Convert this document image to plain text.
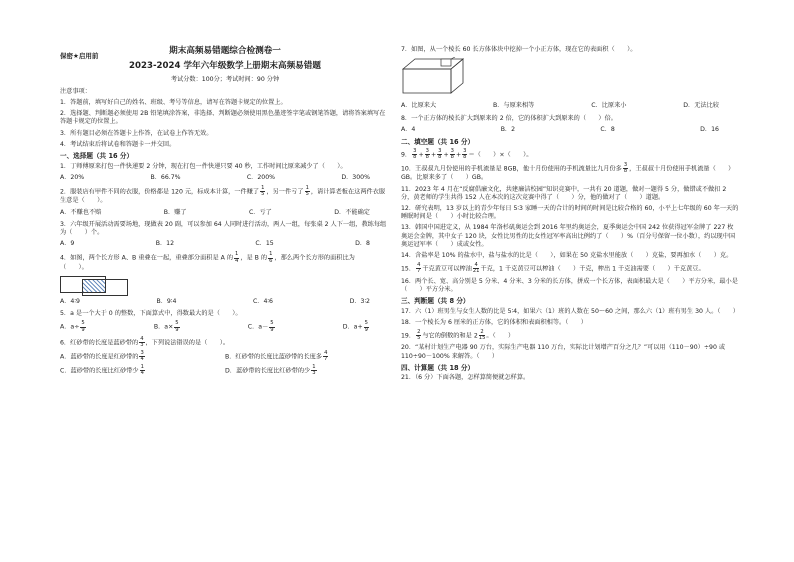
保密★启用前	期末高频易错题综合检测卷一
2023-2024 学年六年级数学上册期末高频易错题
考试分数：100分；考试时间：90 分钟

注意事项：

1．答题前，填写好自己的姓名、班级、考号等信息，请写在答题卡规定的位置上。

2．选择题、判断题必须使用 2B 铅笔填涂答案，非选择、判断题必须使用黑色墨迹签字笔或钢笔答题，请将答案填写在答题卡规定的位置上。

3．所有题目必须在答题卡上作答，在试卷上作答无效。

4．考试结束后将试卷和答题卡一并交回。

一、选择题（共 16 分）

1．丁师傅原来打包一件快递要 2 分钟，现在打包一件快递只要 40 秒，工作时间比原来减少了（　　）。

A．20%	B．66.7%	C．200%	D．300%

2．服装店有甲件不同的衣服，价格都是 120 元，标成本计算，一件赚了 $\frac{1}{5}$ ，另一件亏了 $\frac{1}{5}$ ，请计算老板在这两件衣服生意是（　　）。

A．不赚也不赔	B．赚了	C．亏了	D．不能确定

3．六年级开展活动需要场地，现做表 20 副，可以参加 64 人同时进行活动，两人一组，每张桌 2 人下一组，教练每组为（　　）个。

A．9	B．12	C．15	D．8

4．如图，两个长方形 A、B 重叠在一起，重叠部分面积是 A 的 $\frac{1}{4}$ ，是 B 的 $\frac{1}{6}$ ，那么两个长方形的面积比为
（　　）。

A．4∶9	B．9∶4	C．4∶6	D．3∶2

5．a 是一个大于 0 的整数，下面算式中，得数最大的是（　　）。

A．$a\div \frac{5}{9}$	B．$a\times \frac{5}{9}$	C．$a- \frac{5}{9}$	D．$a+ \frac{5}{9}$

6．红砂带的长度是蓝砂带的 $\frac{4}{3}$ ，下列说法错误的是（　　）。

A．蓝砂带的长度是红砂带的 $\frac{3}{4}$	B．红砂带的长度比蓝砂带的长度多 $\frac{4}{7}$
C．蓝砂带的长度比红砂带少 $\frac{1}{4}$	D．蓝砂带的长度比红砂带的少 $\frac{1}{3}$

7．如图，从一个棱长 60 长方体体块中挖掉一个小正方体，现在它的表面积（　　）。

A．比原来大	B．与原来相等	C．比原来小	D．无法比较

8．一个正方体的棱长扩大到原来的 2 倍，它的体积扩大到原来的（　　）倍。

A．4	B．2	C．8	D．16
二、填空题（共 16 分）

9． $\frac{3}{8} + \frac{3}{8} + \frac{3}{8} + \frac{3}{8} + \frac{3}{8}$ ＝（　　）×（　　）。

10．王叔叔九月份使用的手机流量是 8GB，他十月份使用的手机流量比九月份多 $\frac{3}{8}$ ，王叔叔十月份使用手机流量（　　）GB。比原来多了（　　）GB。

11．2023 年 4 月在“反腐倡廉文化，共建廉洁校园”知识竞赛中，一共有 20 道题，做对一题得 5 分，做错或不做扣 2 分，黄老师的学生共得 152 人在本次的这次竞赛中得了（　　）分，他的做对了（　　）道题。

12．研究表明，13 岁以上的青少年每日 5∶3 家睡一天的合计的时间的时间是比较合格的 60，小平上七年级的 60 年一天的睡眠时间是（　　）小时比较合理。

13．韩国中国进定义，从 1984 年洛杉矶奥运会到 2016 年里约奥运会，夏季奥运会中国 242 位获得冠军金牌了 227 枚奥运会金牌，其中女子 120 块，女性比男性的比女性冠军率高出比例约了（　　）%（百分号保留一位小数），约以现中国奥运冠军率（　　）成或女性。

14．含盐率是 10% 的盐水中，盐与盐水的比是（　　），如果在 50 克盐水里能放（　　）克盐，要再加水（　　）克。

15． $\frac{4}{7}$ 千克黄豆可以榨油 $\frac{4}{21}$ 千克，1 千克黄豆可以榨油（　　）千克，榨出 1 千克油需要（　　）千克黄豆。

16．两个长、宽、高分别是 5 分米、4 分米、3 分米的长方体，拼成一个长方体，表面积最大是（　　）平方分米，最小是（　　）平方分米。

三、判断题（共 8 分）

17．六（1）班男生与女生人数的比是 5∶4，如果六（1）班的人数在 50～60 之间，那么六（1）班有男生 30 人。（　　）

18．一个棱长为 6 厘米的正方体，它的体积和表面积相等。（　　）

19． $\frac{2}{5}$ 与它的倒数的和是 $2 \frac{2}{15}$ 。（　　）

20．“某村计划生产电器 90 万台，实际生产电器 110 万台，实际比计划增产百分之几？”可以用（110－90）÷90 或 110÷90－100% 来解答。（　　）

四、计算题（共 18 分）

21．（6 分）下面各题，怎样算简便就怎样算。
